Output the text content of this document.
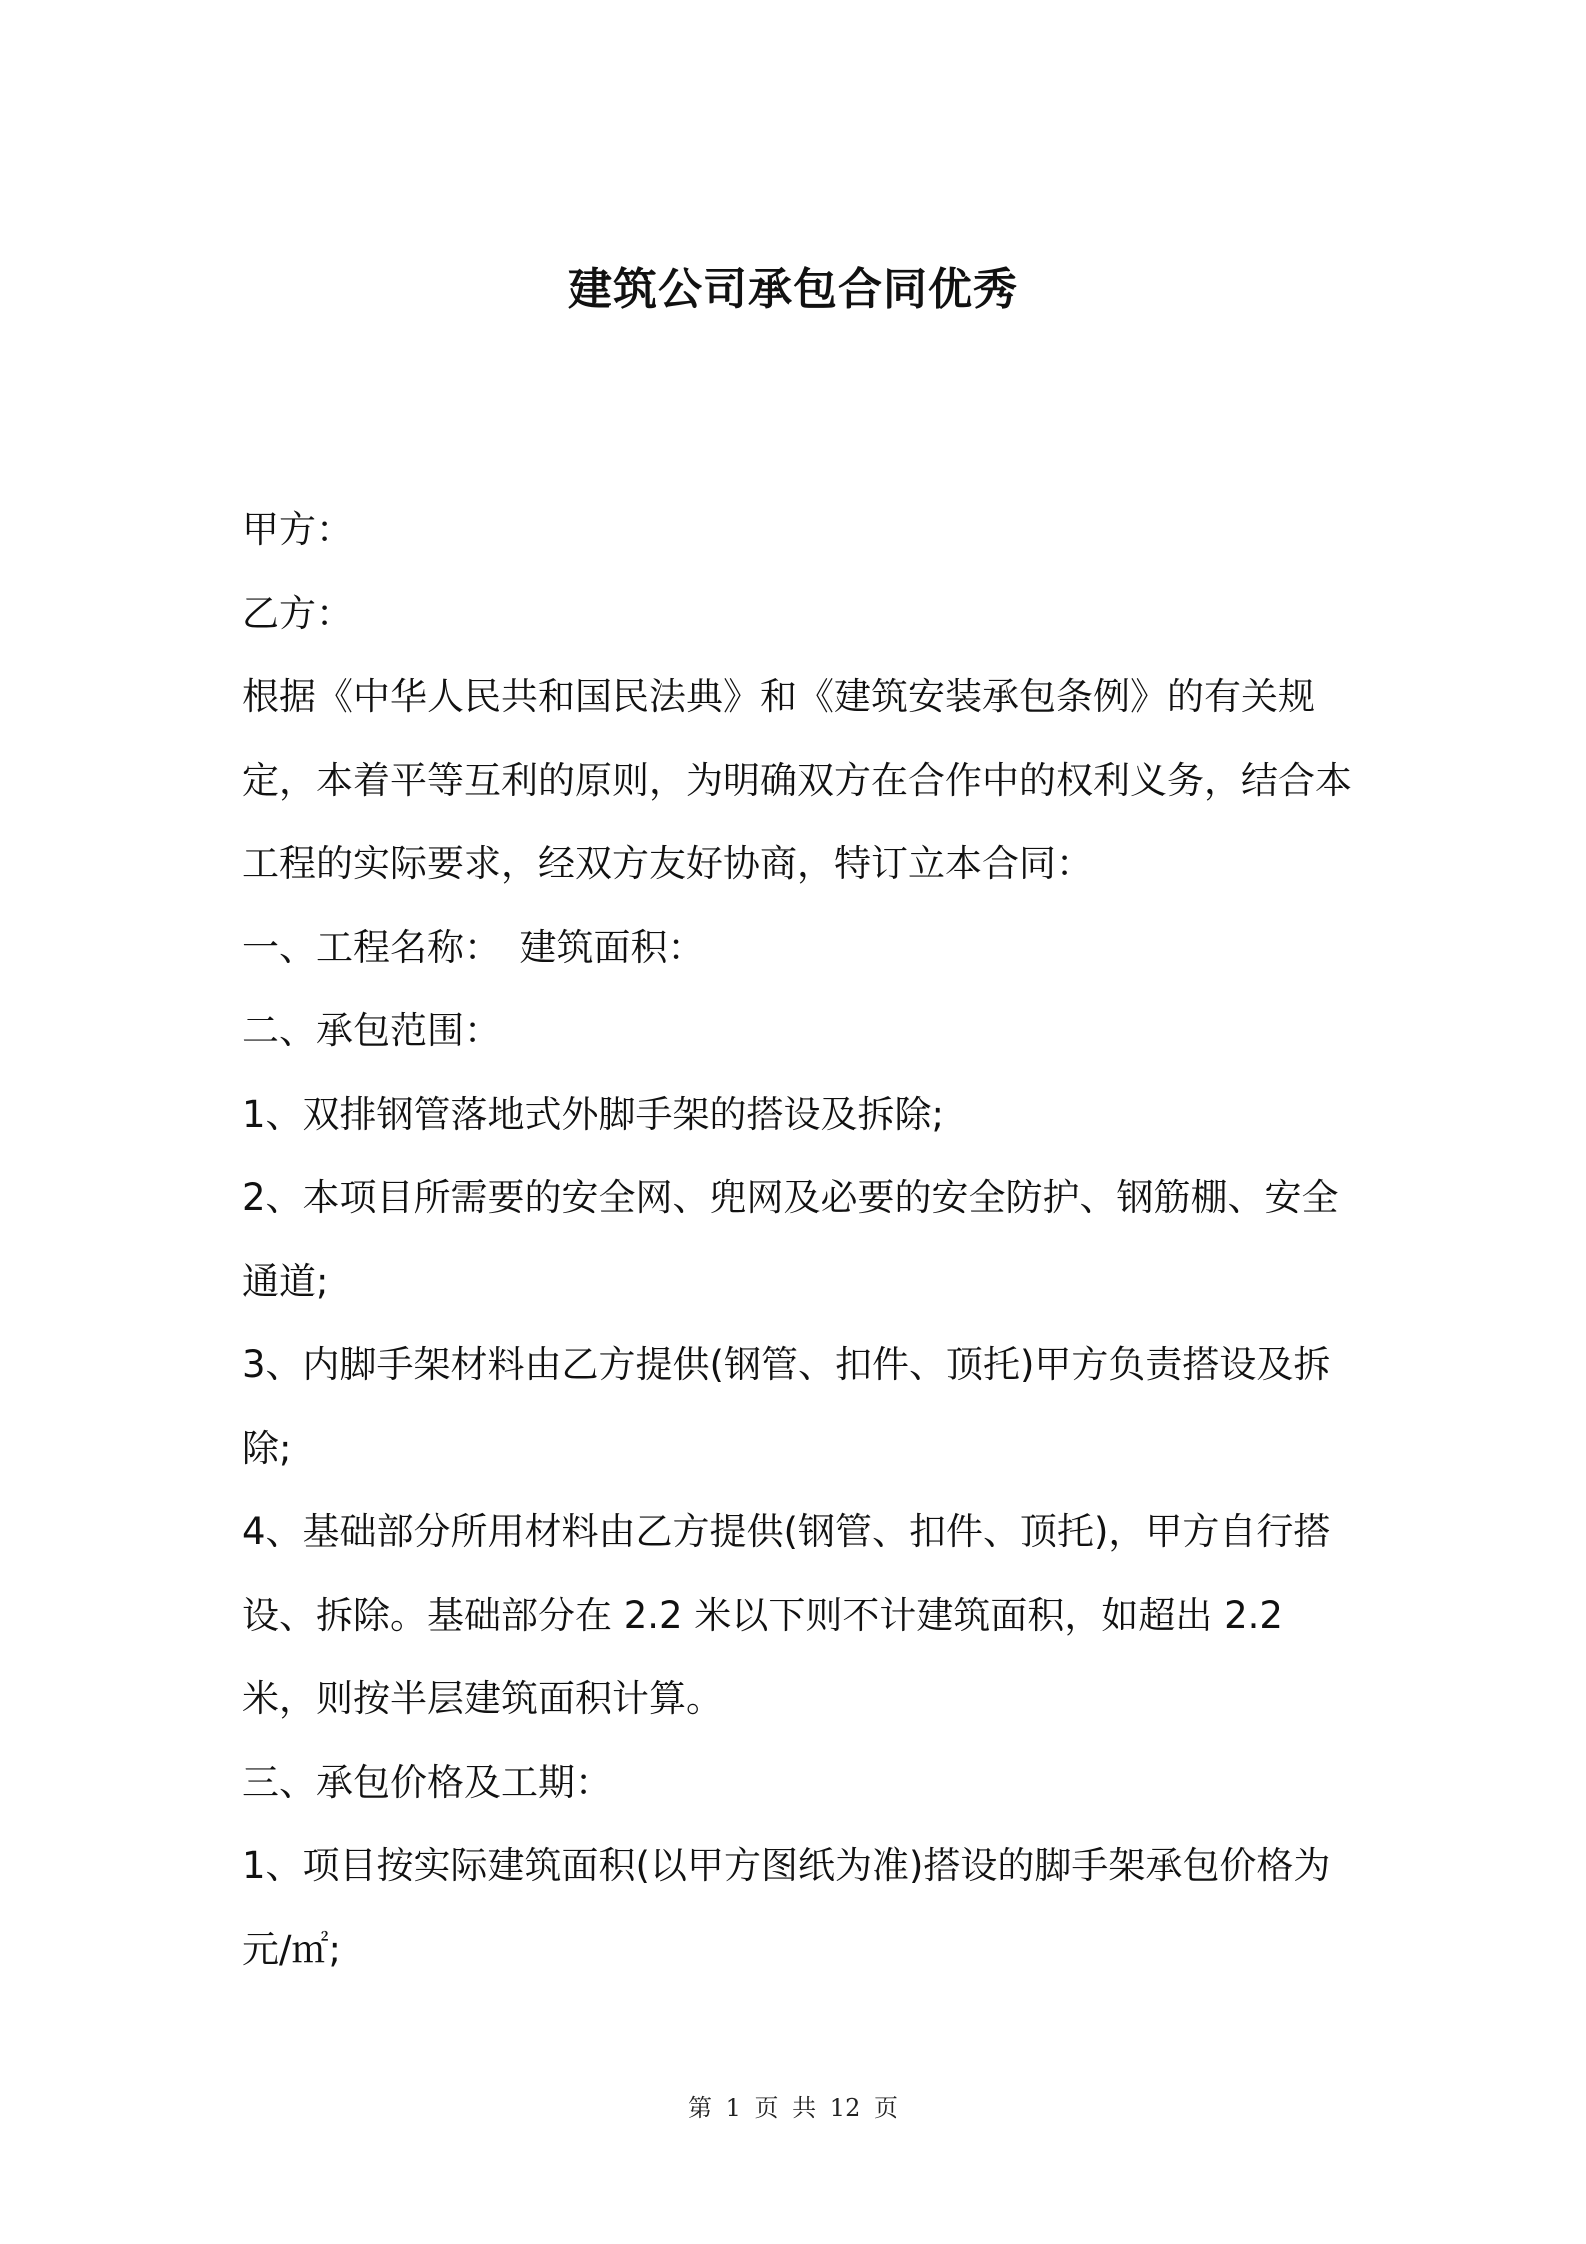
建筑公司承包合同优秀

甲方：

乙方：

根据《中华人民共和国民法典》和《建筑安装承包条例》的有关规定，本着平等互利的原则，为明确双方在合作中的权利义务，结合本工程的实际要求，经双方友好协商，特订立本合同：

一、工程名称：　建筑面积：

二、承包范围：

1、双排钢管落地式外脚手架的搭设及拆除;

2、本项目所需要的安全网、兜网及必要的安全防护、钢筋棚、安全通道;

3、内脚手架材料由乙方提供(钢管、扣件、顶托)甲方负责搭设及拆除;

4、基础部分所用材料由乙方提供(钢管、扣件、顶托)，甲方自行搭设、拆除。基础部分在 2.2 米以下则不计建筑面积，如超出 2.2 米，则按半层建筑面积计算。

三、承包价格及工期：

1、项目按实际建筑面积(以甲方图纸为准)搭设的脚手架承包价格为元/㎡;

第 1 页 共 12 页
